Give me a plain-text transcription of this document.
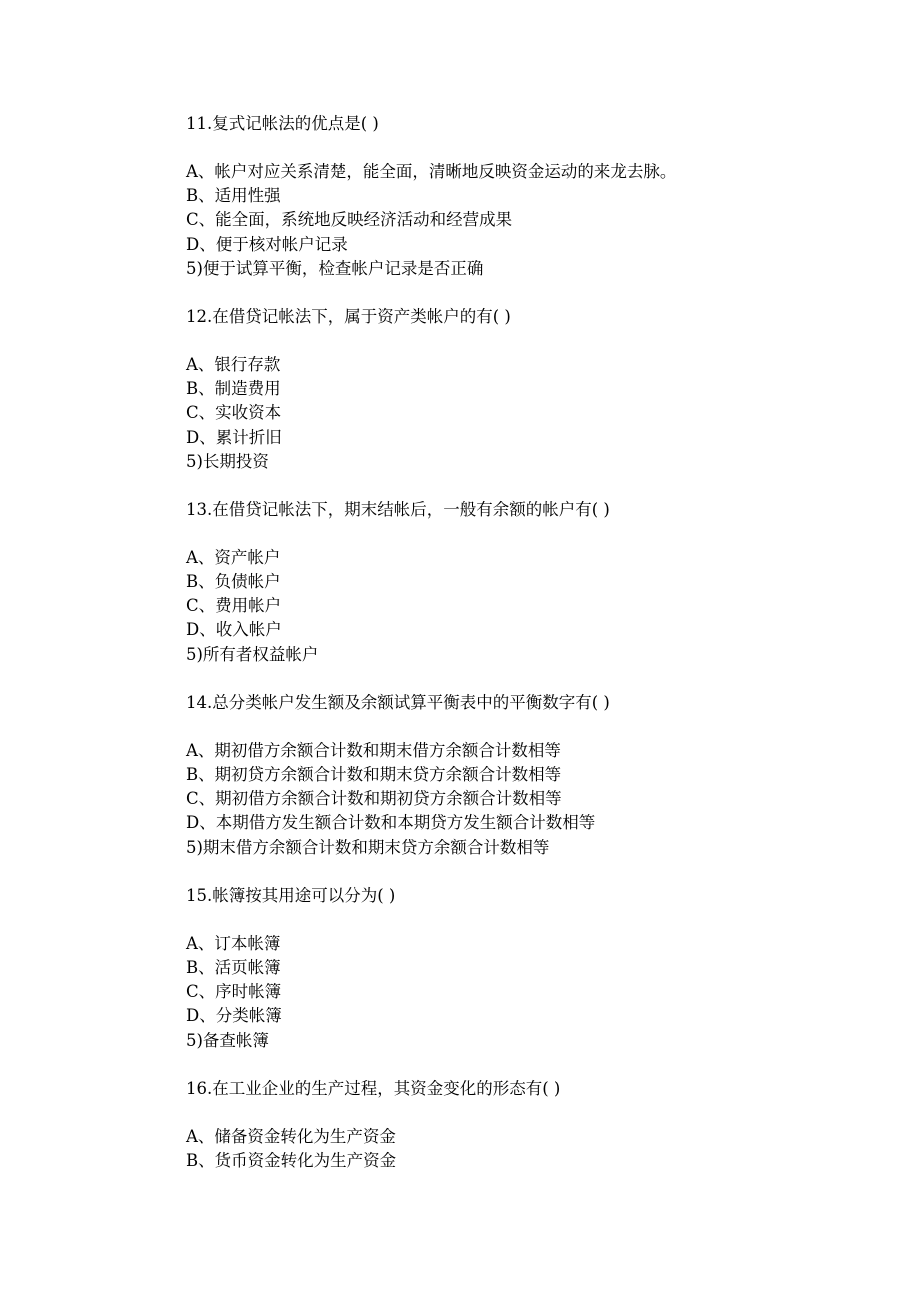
11.复式记帐法的优点是( )
A、帐户对应关系清楚，能全面，清晰地反映资金运动的来龙去脉。
B、适用性强
C、能全面，系统地反映经济活动和经营成果
D、便于核对帐户记录
5)便于试算平衡，检查帐户记录是否正确
12.在借贷记帐法下，属于资产类帐户的有( )
A、银行存款
B、制造费用
C、实收资本
D、累计折旧
5)长期投资
13.在借贷记帐法下，期末结帐后，一般有余额的帐户有( )
A、资产帐户
B、负债帐户
C、费用帐户
D、收入帐户
5)所有者权益帐户
14.总分类帐户发生额及余额试算平衡表中的平衡数字有( )
A、期初借方余额合计数和期末借方余额合计数相等
B、期初贷方余额合计数和期末贷方余额合计数相等
C、期初借方余额合计数和期初贷方余额合计数相等
D、本期借方发生额合计数和本期贷方发生额合计数相等
5)期末借方余额合计数和期末贷方余额合计数相等
15.帐簿按其用途可以分为( )
A、订本帐簿
B、活页帐簿
C、序时帐簿
D、分类帐簿
5)备查帐簿
16.在工业企业的生产过程，其资金变化的形态有( )
A、储备资金转化为生产资金
B、货币资金转化为生产资金
